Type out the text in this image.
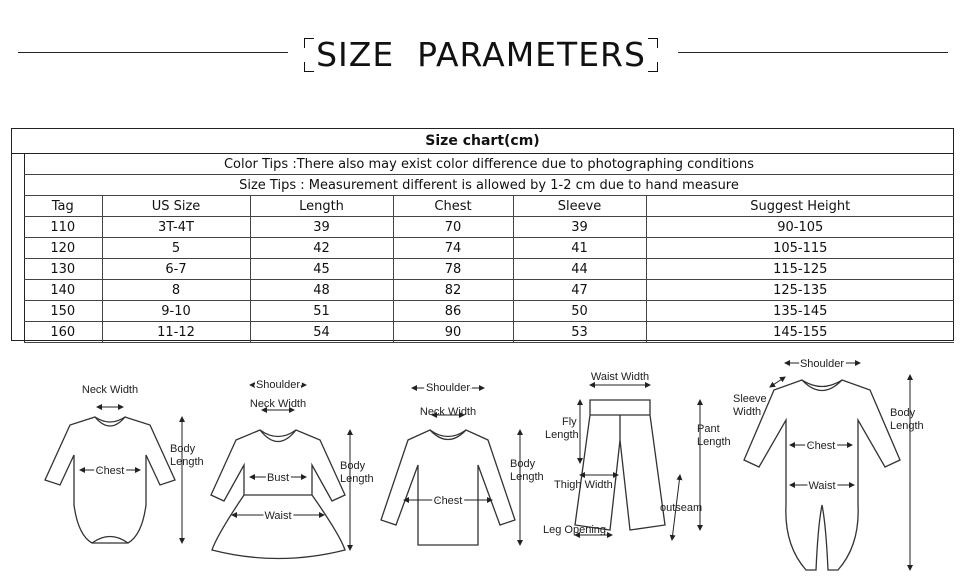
SIZE  PARAMETERS
Size chart(cm)
Color Tips :There also may exist color difference due to photographing conditions					
Size Tips : Measurement different is allowed by 1-2 cm due to hand measure					
Tag	US Size	Length	Chest	Sleeve	Suggest Height
110	3T-4T	39	70	39	90-105
120	5	42	74	41	105-115
130	6-7	45	78	44	115-125
140	8	48	82	47	125-135
150	9-10	51	86	50	135-145
160	11-12	54	90	53	145-155
Neck Width
Chest
Body
Length
Shoulder
Neck Width
Bust
Waist
Body
Length
Shoulder
Neck Width
Chest
Body
Length
Waist Width
Fly
Length	Pant
Length
Thigh Width
outseam
Leg Opening
Shoulder
Sleeve
Width
Chest
Waist
Body
Length
